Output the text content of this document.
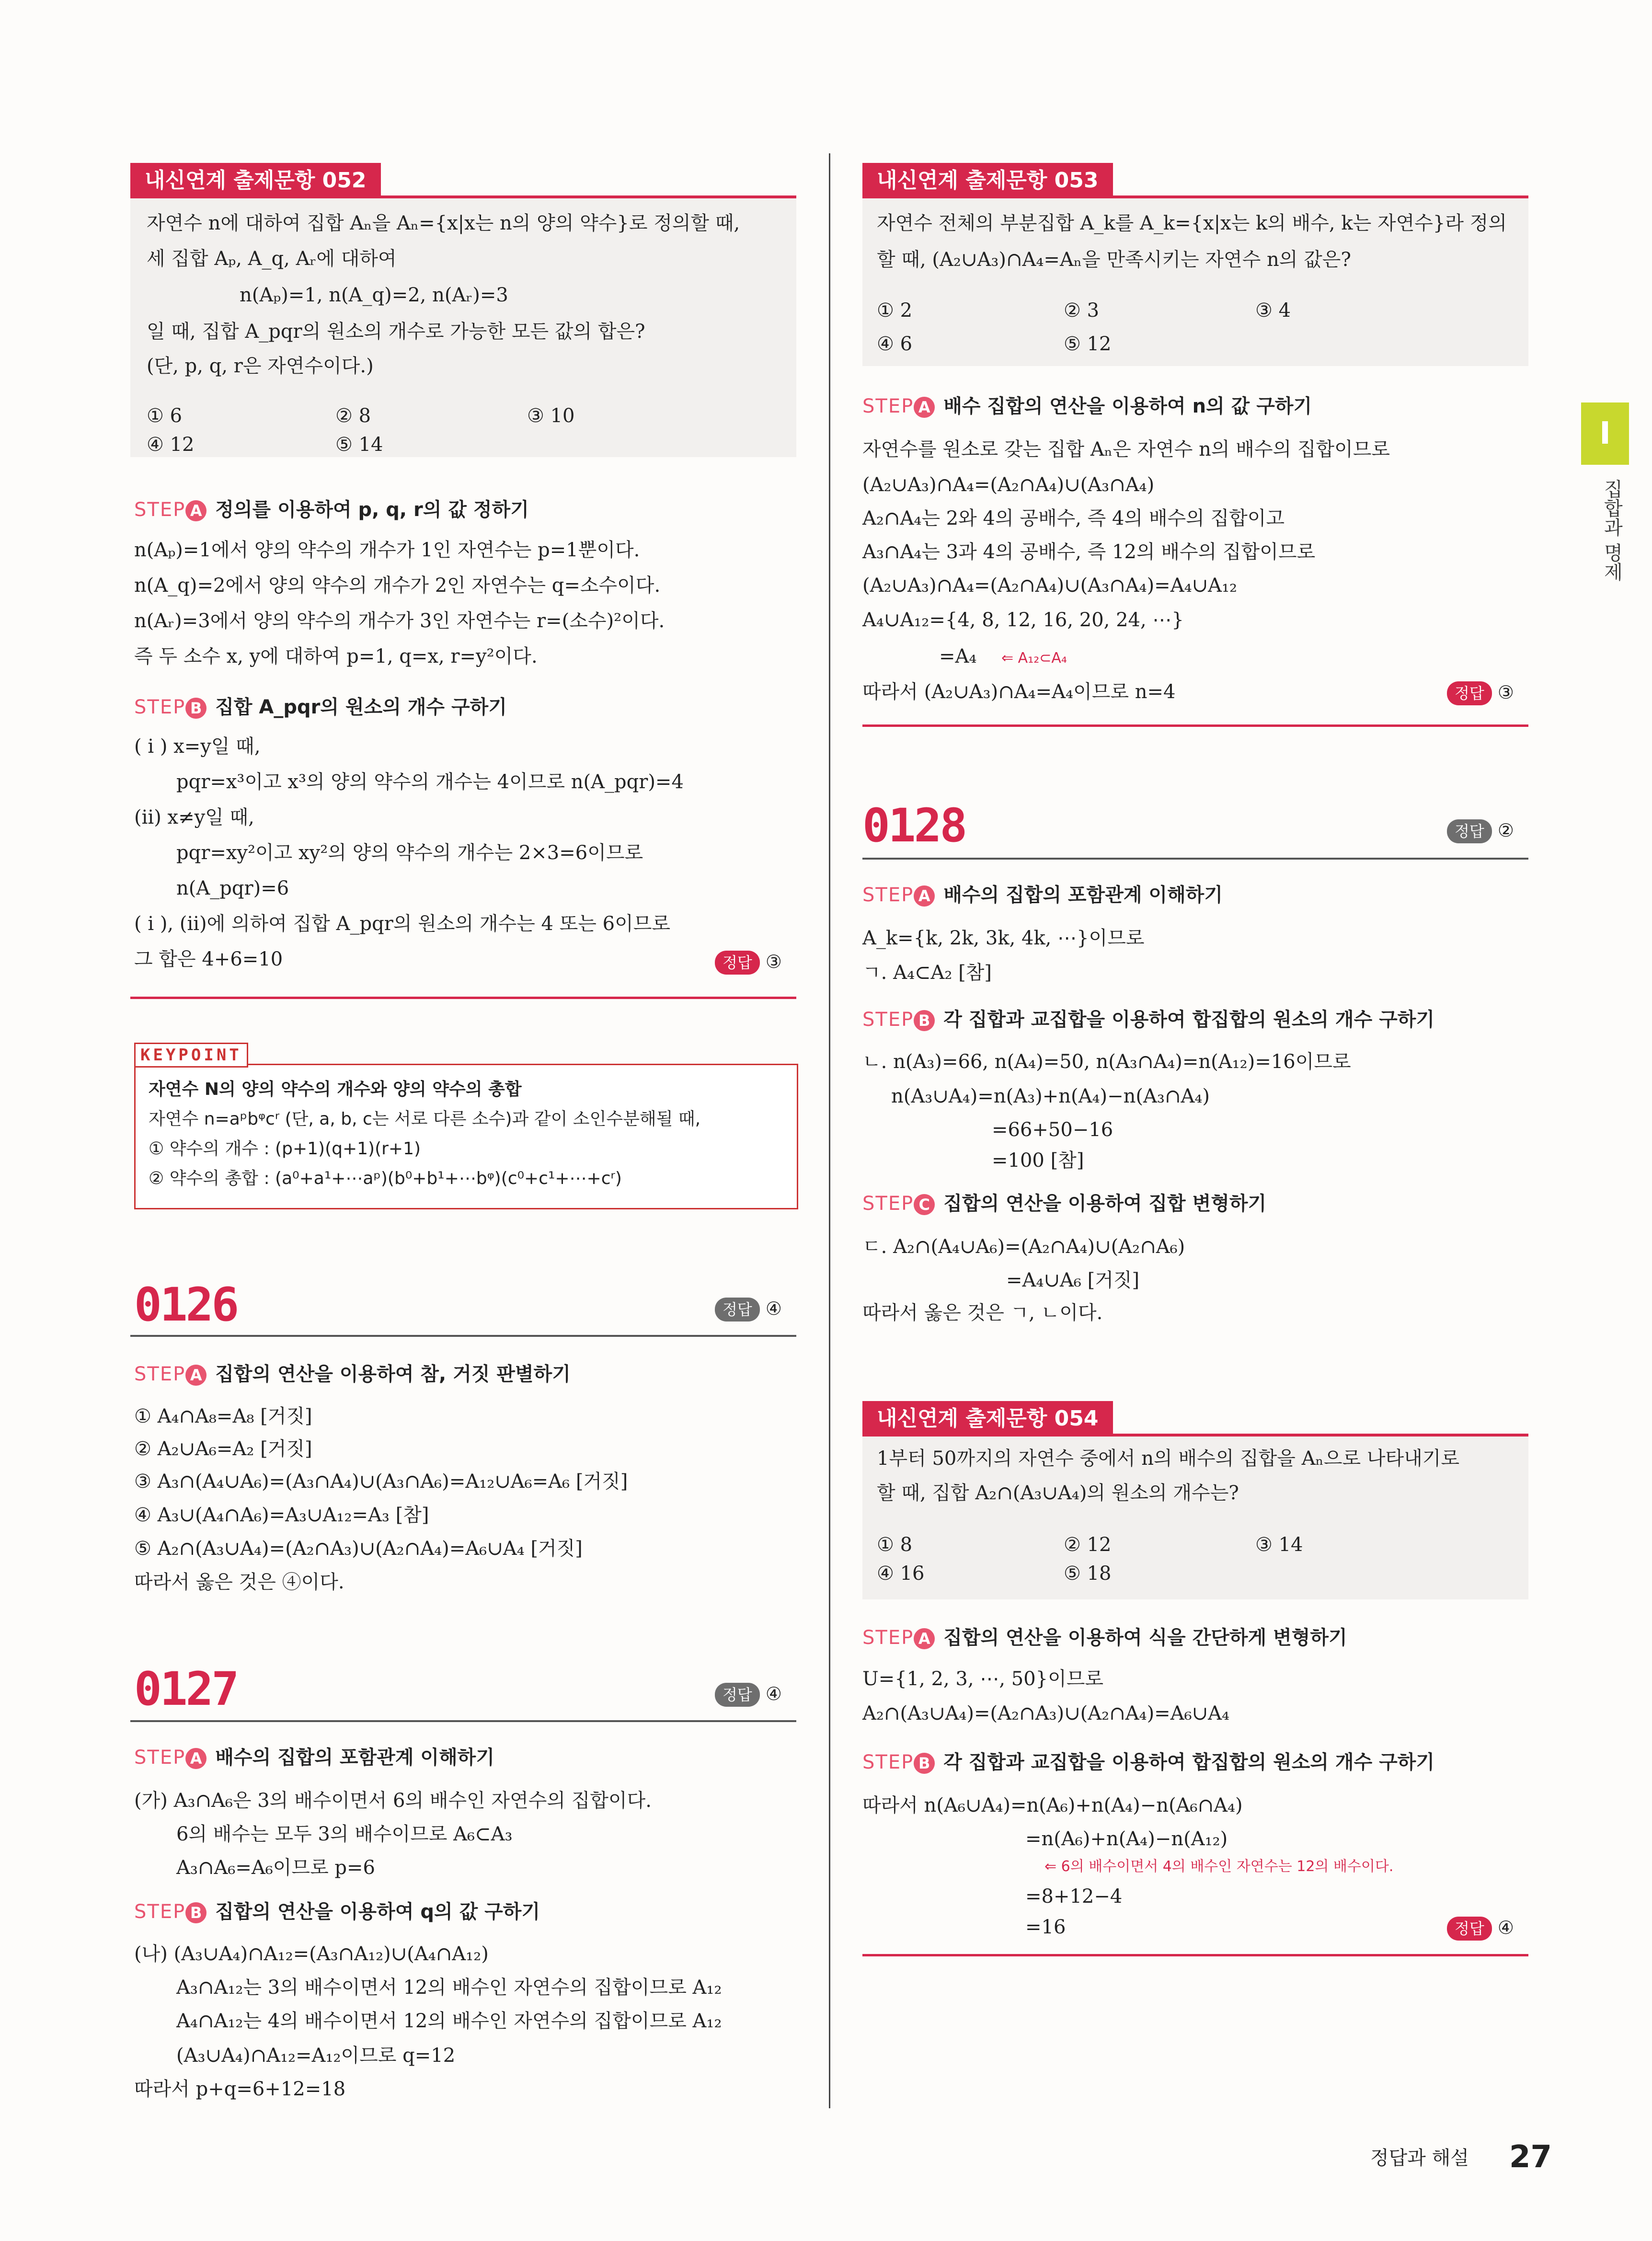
내신연계 출제문항 052
자연수 n에 대하여 집합 Aₙ을 Aₙ={x|x는 n의 양의 약수}로 정의할 때,
세 집합 Aₚ, A_q, Aᵣ에 대하여
n(Aₚ)=1, n(A_q)=2, n(Aᵣ)=3
일 때, 집합 A_pqr의 원소의 개수로 가능한 모든 값의 합은?
(단, p, q, r은 자연수이다.)
① 6	② 8	③ 10
④ 12	⑤ 14
STEP A 정의를 이용하여 p, q, r의 값 정하기
n(Aₚ)=1에서 양의 약수의 개수가 1인 자연수는 p=1뿐이다.
n(A_q)=2에서 양의 약수의 개수가 2인 자연수는 q=소수이다.
n(Aᵣ)=3에서 양의 약수의 개수가 3인 자연수는 r=(소수)²이다.
즉 두 소수 x, y에 대하여 p=1, q=x, r=y²이다.
STEP B 집합 A_pqr의 원소의 개수 구하기
( i ) x=y일 때,
pqr=x³이고 x³의 양의 약수의 개수는 4이므로 n(A_pqr)=4
(ii) x≠y일 때,
pqr=xy²이고 xy²의 양의 약수의 개수는 2×3=6이므로
n(A_pqr)=6
( i ), (ii)에 의하여 집합 A_pqr의 원소의 개수는 4 또는 6이므로
그 합은 4+6=10	정답 ③
KEYPOINT
자연수 N의 양의 약수의 개수와 양의 약수의 총합
자연수 n=aᵖbᵠcʳ (단, a, b, c는 서로 다른 소수)과 같이 소인수분해될 때,
① 약수의 개수 : (p+1)(q+1)(r+1)
② 약수의 총합 : (a⁰+a¹+⋯aᵖ)(b⁰+b¹+⋯bᵠ)(c⁰+c¹+⋯+cʳ)
0126	정답 ④
STEP A 집합의 연산을 이용하여 참, 거짓 판별하기
① A₄∩A₈=A₈ [거짓]
② A₂∪A₆=A₂ [거짓]
③ A₃∩(A₄∪A₆)=(A₃∩A₄)∪(A₃∩A₆)=A₁₂∪A₆=A₆ [거짓]
④ A₃∪(A₄∩A₆)=A₃∪A₁₂=A₃ [참]
⑤ A₂∩(A₃∪A₄)=(A₂∩A₃)∪(A₂∩A₄)=A₆∪A₄ [거짓]
따라서 옳은 것은 ④이다.
0127	정답 ④
STEP A 배수의 집합의 포함관계 이해하기
(가) A₃∩A₆은 3의 배수이면서 6의 배수인 자연수의 집합이다.
6의 배수는 모두 3의 배수이므로 A₆⊂A₃
A₃∩A₆=A₆이므로 p=6
STEP B 집합의 연산을 이용하여 q의 값 구하기
(나) (A₃∪A₄)∩A₁₂=(A₃∩A₁₂)∪(A₄∩A₁₂)
A₃∩A₁₂는 3의 배수이면서 12의 배수인 자연수의 집합이므로 A₁₂
A₄∩A₁₂는 4의 배수이면서 12의 배수인 자연수의 집합이므로 A₁₂
(A₃∪A₄)∩A₁₂=A₁₂이므로 q=12
따라서 p+q=6+12=18
내신연계 출제문항 053
자연수 전체의 부분집합 A_k를 A_k={x|x는 k의 배수, k는 자연수}라 정의
할 때, (A₂∪A₃)∩A₄=Aₙ을 만족시키는 자연수 n의 값은?
① 2	② 3	③ 4
④ 6	⑤ 12
STEP A 배수 집합의 연산을 이용하여 n의 값 구하기
자연수를 원소로 갖는 집합 Aₙ은 자연수 n의 배수의 집합이므로
(A₂∪A₃)∩A₄=(A₂∩A₄)∪(A₃∩A₄)
A₂∩A₄는 2와 4의 공배수, 즉 4의 배수의 집합이고
A₃∩A₄는 3과 4의 공배수, 즉 12의 배수의 집합이므로
(A₂∪A₃)∩A₄=(A₂∩A₄)∪(A₃∩A₄)=A₄∪A₁₂
A₄∪A₁₂={4, 8, 12, 16, 20, 24, ⋯}
=A₄ ⇐ A₁₂⊂A₄
따라서 (A₂∪A₃)∩A₄=A₄이므로 n=4	정답 ③
0128	정답 ②
STEP A 배수의 집합의 포함관계 이해하기
A_k={k, 2k, 3k, 4k, ⋯}이므로
ㄱ. A₄⊂A₂ [참]
STEP B 각 집합과 교집합을 이용하여 합집합의 원소의 개수 구하기
ㄴ. n(A₃)=66, n(A₄)=50, n(A₃∩A₄)=n(A₁₂)=16이므로
n(A₃∪A₄)=n(A₃)+n(A₄)−n(A₃∩A₄)
=66+50−16
=100 [참]
STEP C 집합의 연산을 이용하여 집합 변형하기
ㄷ. A₂∩(A₄∪A₆)=(A₂∩A₄)∪(A₂∩A₆)
=A₄∪A₆ [거짓]
따라서 옳은 것은 ㄱ, ㄴ이다.
내신연계 출제문항 054
1부터 50까지의 자연수 중에서 n의 배수의 집합을 Aₙ으로 나타내기로
할 때, 집합 A₂∩(A₃∪A₄)의 원소의 개수는?
① 8	② 12	③ 14
④ 16	⑤ 18
STEP A 집합의 연산을 이용하여 식을 간단하게 변형하기
U={1, 2, 3, ⋯, 50}이므로
A₂∩(A₃∪A₄)=(A₂∩A₃)∪(A₂∩A₄)=A₆∪A₄
STEP B 각 집합과 교집합을 이용하여 합집합의 원소의 개수 구하기
따라서 n(A₆∪A₄)=n(A₆)+n(A₄)−n(A₆∩A₄)
=n(A₆)+n(A₄)−n(A₁₂)
⇐ 6의 배수이면서 4의 배수인 자연수는 12의 배수이다.
=8+12−4
=16	정답 ④
I
집합과 명제
정답과 해설 27
